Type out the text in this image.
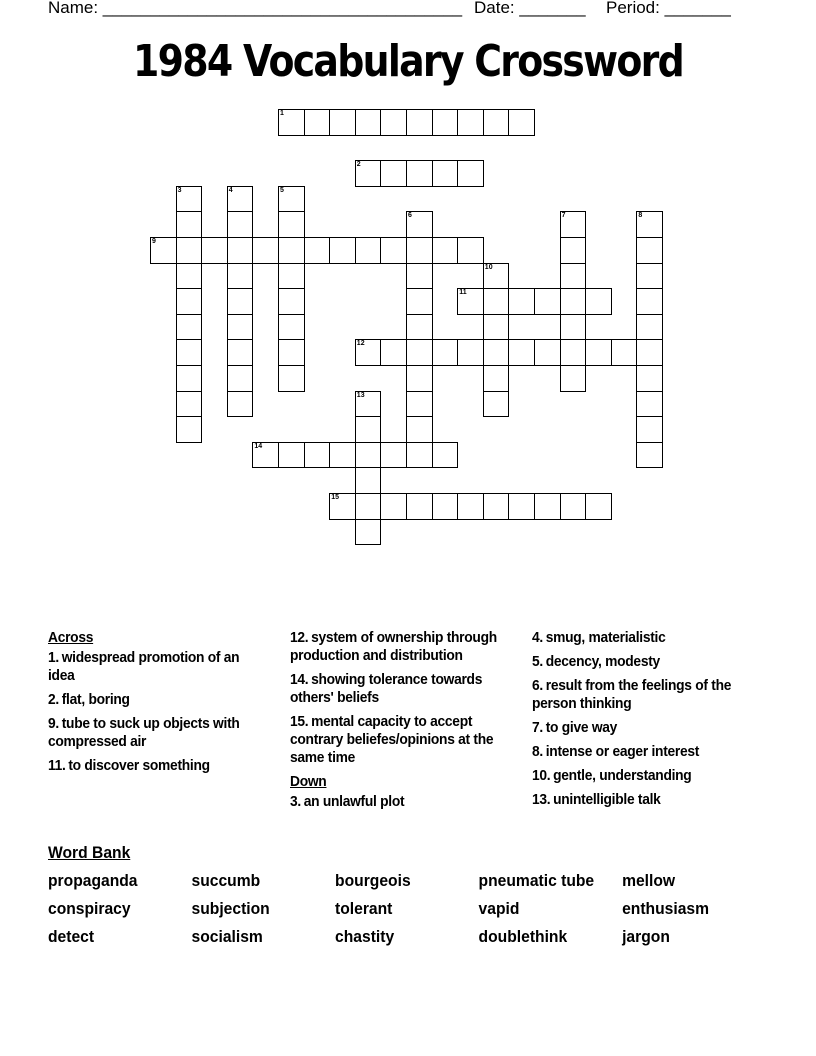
Name: ______________________________________ Date: _______ Period: _______
1984 Vocabulary Crossword
1
2
9
11
12
14
15
3	4	5
6	7	8
10
13
Across
1. widespread promotion of an idea
2. flat, boring
9. tube to suck up objects with compressed air
11. to discover something
12. system of ownership through production and distribution
14. showing tolerance towards others' beliefs
15. mental capacity to accept contrary beliefes/opinions at the same time
Down
3. an unlawful plot
4. smug, materialistic
5. decency, modesty
6. result from the feelings of the person thinking
7. to give way
8. intense or eager interest
10. gentle, understanding
13. unintelligible talk
Word Bank
propaganda	succumb	bourgeois	pneumatic tube	mellow
conspiracy	subjection	tolerant	vapid	enthusiasm
detect	socialism	chastity	doublethink	jargon
